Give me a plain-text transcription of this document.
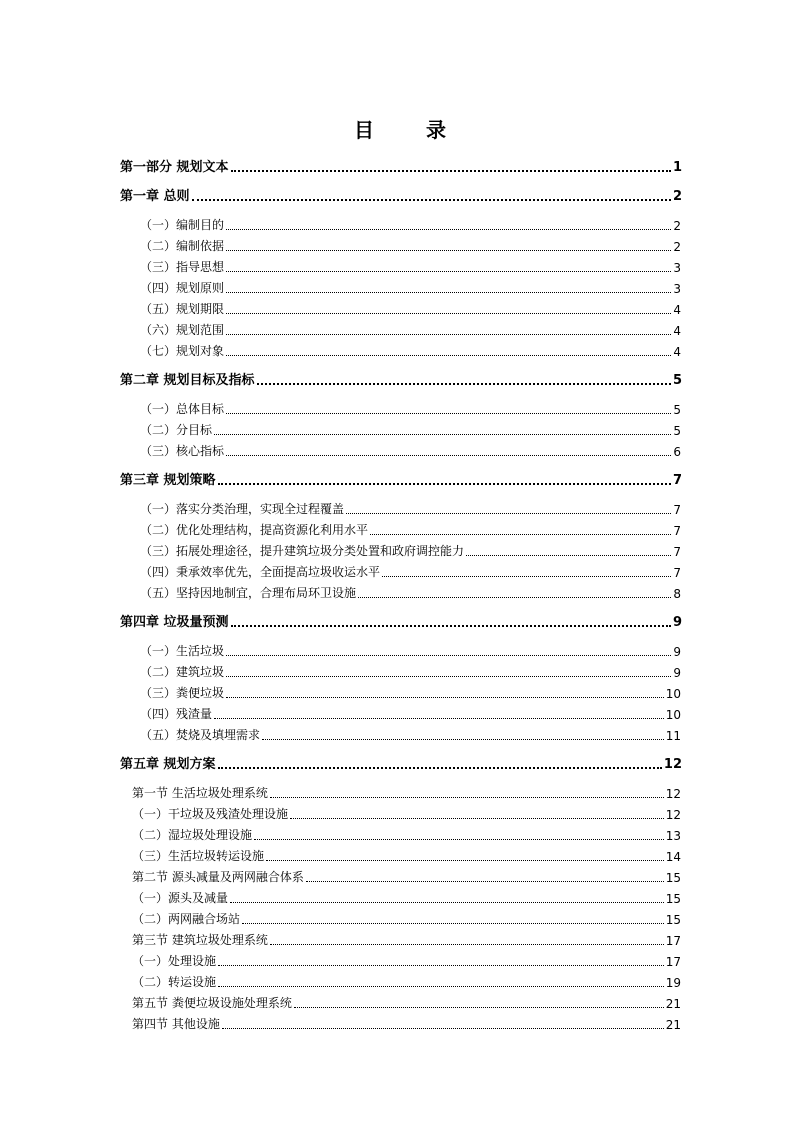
目　录
第一部分 规划文本	1
第一章 总则	2
（一）编制目的	2
（二）编制依据	2
（三）指导思想	3
（四）规划原则	3
（五）规划期限	4
（六）规划范围	4
（七）规划对象	4
第二章 规划目标及指标	5
（一）总体目标	5
（二）分目标	5
（三）核心指标	6
第三章 规划策略	7
（一）落实分类治理，实现全过程覆盖	7
（二）优化处理结构，提高资源化利用水平	7
（三）拓展处理途径，提升建筑垃圾分类处置和政府调控能力	7
（四）秉承效率优先，全面提高垃圾收运水平	7
（五）坚持因地制宜，合理布局环卫设施	8
第四章 垃圾量预测	9
（一）生活垃圾	9
（二）建筑垃圾	9
（三）粪便垃圾	10
（四）残渣量	10
（五）焚烧及填埋需求	11
第五章 规划方案	12
第一节 生活垃圾处理系统	12
（一）干垃圾及残渣处理设施	12
（二）湿垃圾处理设施	13
（三）生活垃圾转运设施	14
第二节 源头减量及两网融合体系	15
（一）源头及减量	15
（二）两网融合场站	15
第三节 建筑垃圾处理系统	17
（一）处理设施	17
（二）转运设施	19
第五节 粪便垃圾设施处理系统	21
第四节 其他设施	21
